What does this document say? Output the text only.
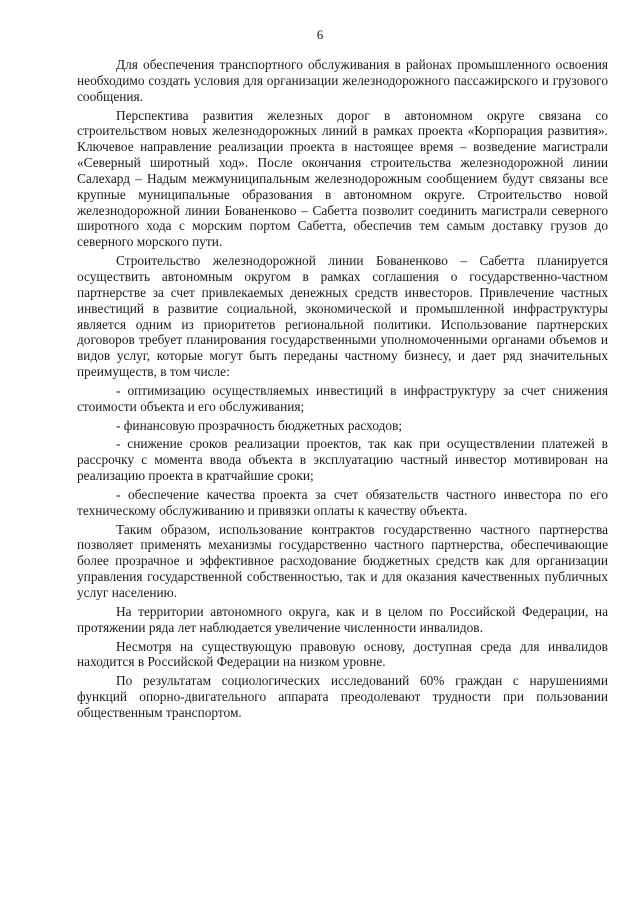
6

Для обеспечения транспортного обслуживания в районах промышленного освоения необходимо создать условия для организации железнодорожного пассажирского и грузового сообщения.

Перспектива развития железных дорог в автономном округе связана со строительством новых железнодорожных линий в рамках проекта «Корпорация развития». Ключевое направление реализации проекта в настоящее время – возведение магистрали «Северный широтный ход». После окончания строительства железнодорожной линии Салехард – Надым межмуниципальным железнодорожным сообщением будут связаны все крупные муниципальные образования в автономном округе. Строительство новой железнодорожной линии Бованенково – Сабетта позволит соединить магистрали северного широтного хода с морским портом Сабетта, обеспечив тем самым доставку грузов до северного морского пути.

Строительство железнодорожной линии Бованенково – Сабетта планируется осуществить автономным округом в рамках соглашения о государственно-частном партнерстве за счет привлекаемых денежных средств инвесторов. Привлечение частных инвестиций в развитие социальной, экономической и промышленной инфраструктуры является одним из приоритетов региональной политики. Использование партнерских договоров требует планирования государственными уполномоченными органами объемов и видов услуг, которые могут быть переданы частному бизнесу, и дает ряд значительных преимуществ, в том числе:

- оптимизацию осуществляемых инвестиций в инфраструктуру за счет снижения стоимости объекта и его обслуживания;

- финансовую прозрачность бюджетных расходов;

- снижение сроков реализации проектов, так как при осуществлении платежей в рассрочку с момента ввода объекта в эксплуатацию частный инвестор мотивирован на реализацию проекта в кратчайшие сроки;

- обеспечение качества проекта за счет обязательств частного инвестора по его техническому обслуживанию и привязки оплаты к качеству объекта.

Таким образом, использование контрактов государственно частного партнерства позволяет применять механизмы государственно частного партнерства, обеспечивающие более прозрачное и эффективное расходование бюджетных средств как для организации управления государственной собственностью, так и для оказания качественных публичных услуг населению.

На территории автономного округа, как и в целом по Российской Федерации, на протяжении ряда лет наблюдается увеличение численности инвалидов.

Несмотря на существующую правовую основу, доступная среда для инвалидов находится в Российской Федерации на низком уровне.

По результатам социологических исследований 60% граждан с нарушениями функций опорно-двигательного аппарата преодолевают трудности при пользовании общественным транспортом.
